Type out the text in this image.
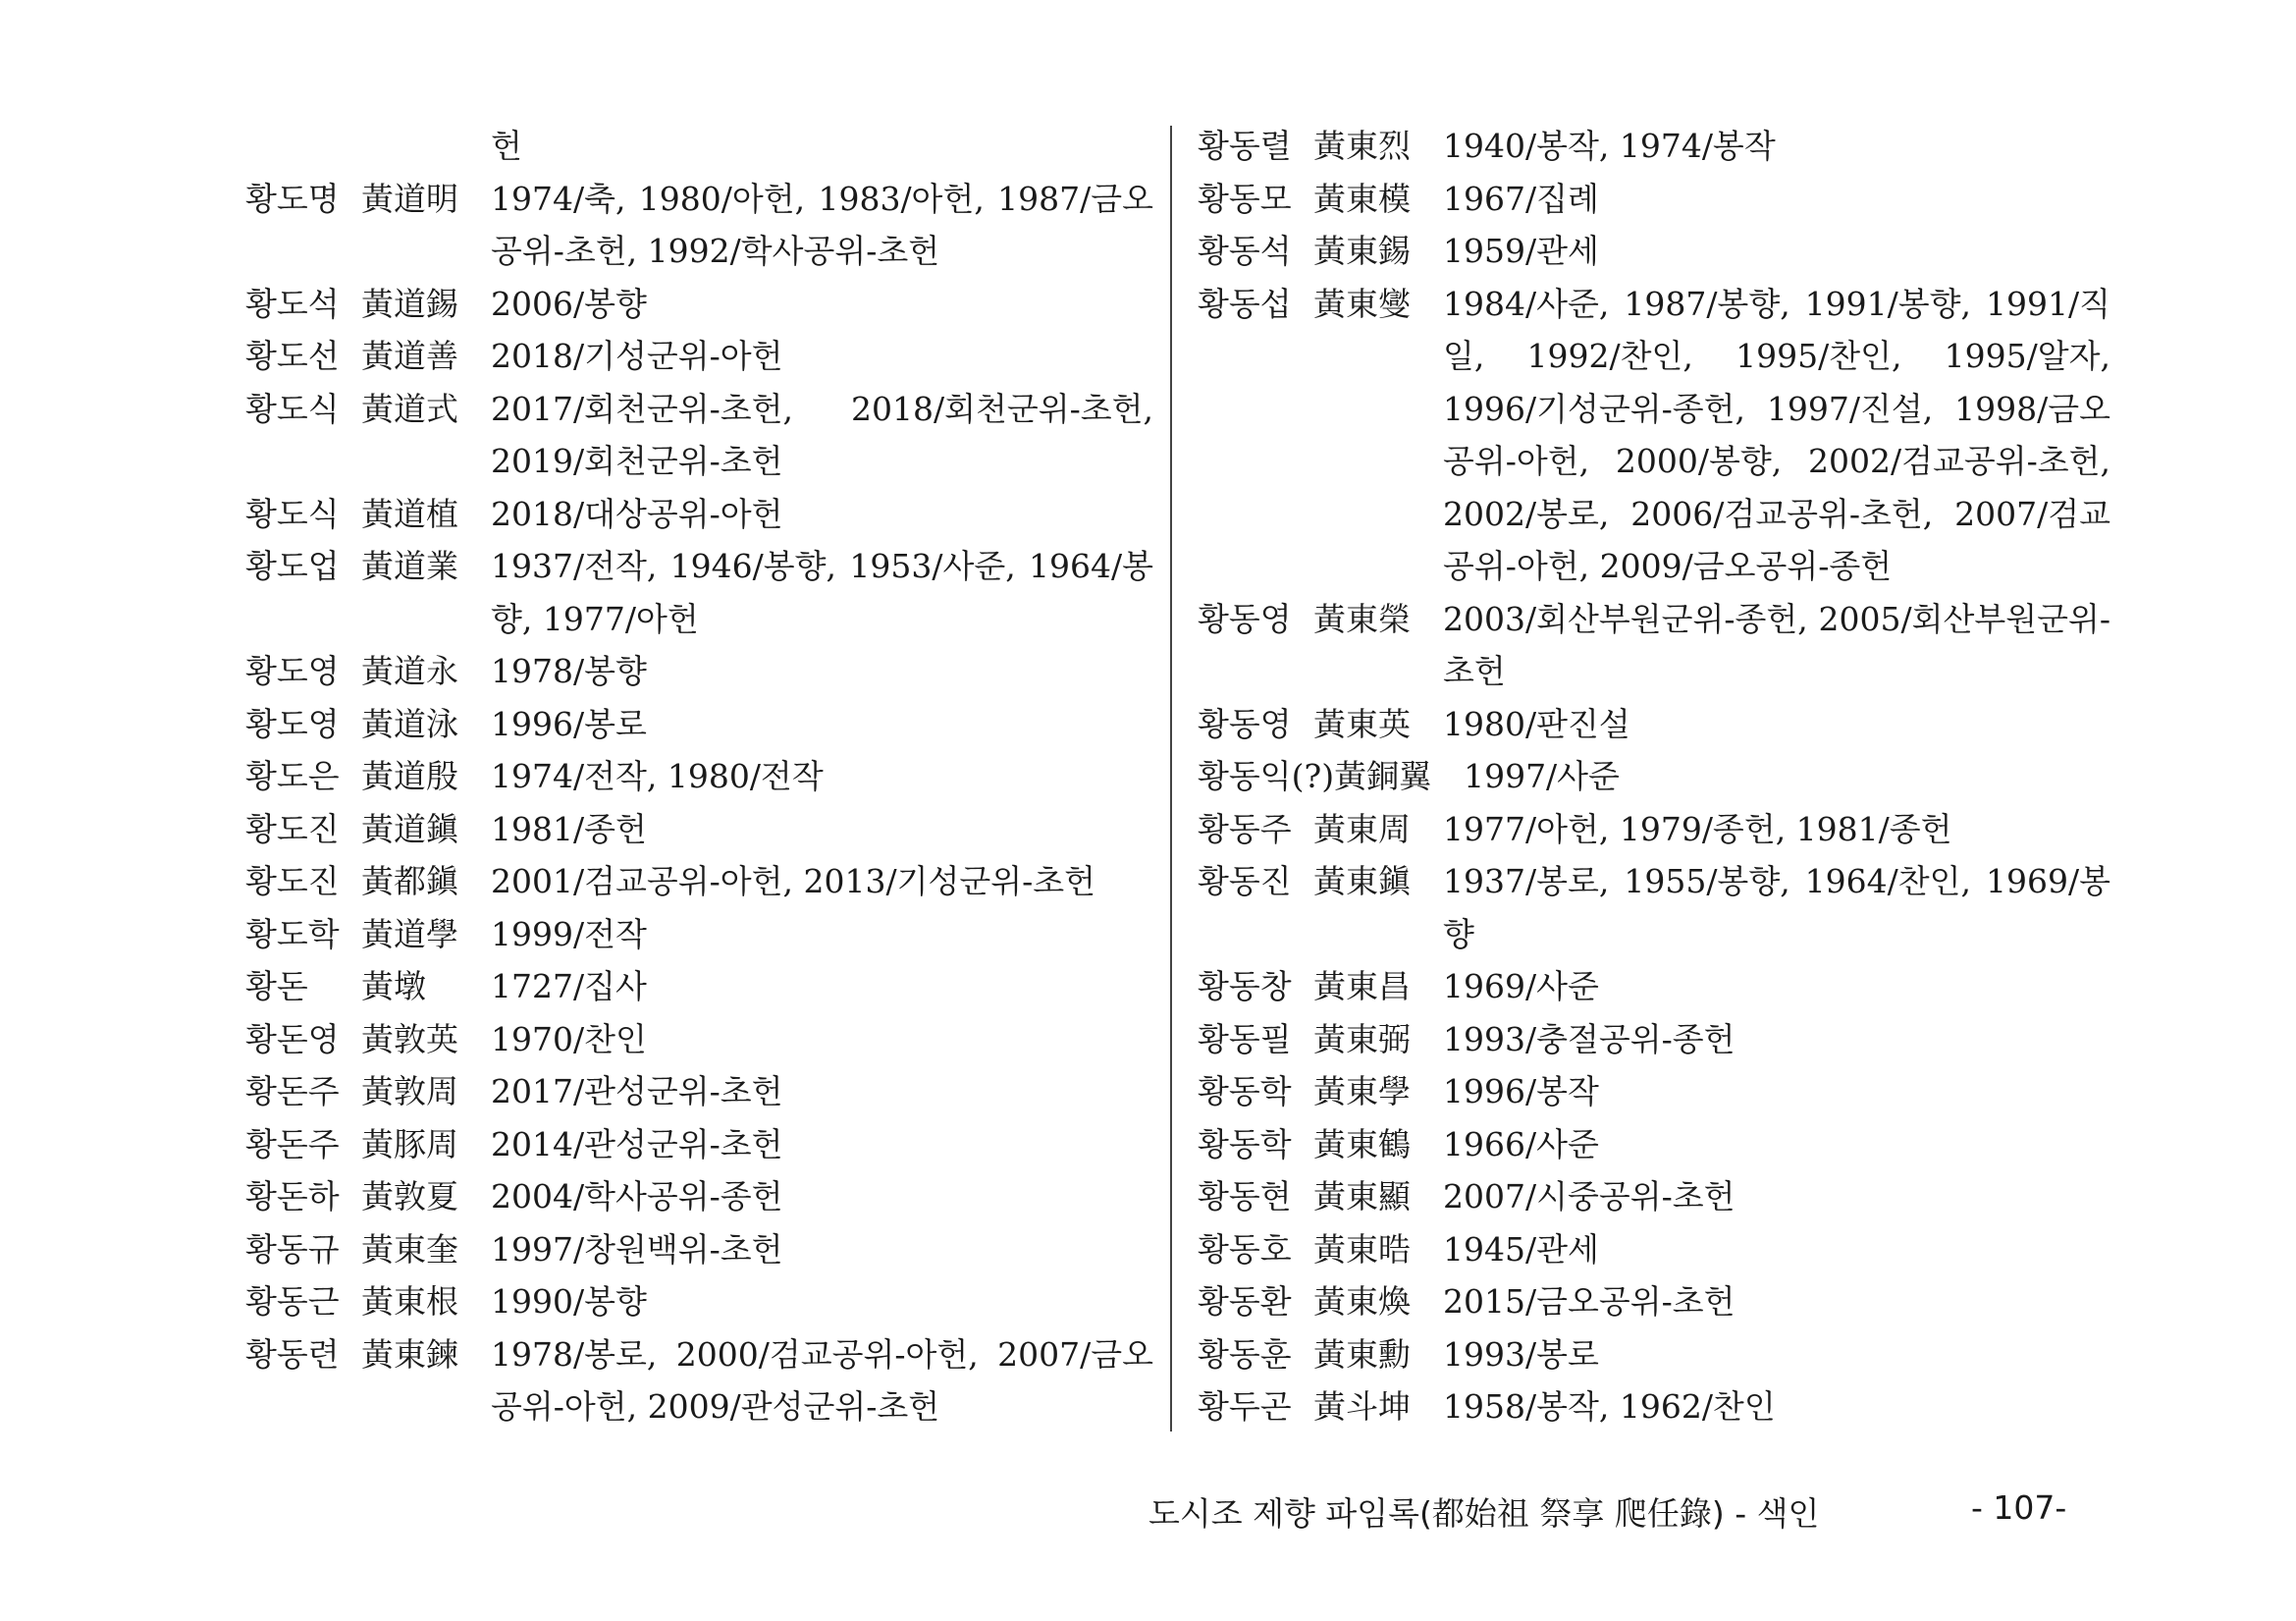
헌
황도명 黃道明	1974/축, 1980/아헌, 1983/아헌, 1987/금오공위-초헌, 1992/학사공위-초헌
황도석 黃道錫	2006/봉향
황도선 黃道善	2018/기성군위-아헌
황도식 黃道式	2017/회천군위-초헌, 2018/회천군위-초헌, 2019/회천군위-초헌
황도식 黃道植	2018/대상공위-아헌
황도업 黃道業	1937/전작, 1946/봉향, 1953/사준, 1964/봉향, 1977/아헌
황도영 黃道永	1978/봉향
황도영 黃道泳	1996/봉로
황도은 黃道殷	1974/전작, 1980/전작
황도진 黃道鎭	1981/종헌
황도진 黃都鎭	2001/검교공위-아헌, 2013/기성군위-초헌
황도학 黃道學	1999/전작
황돈	黃墩	1727/집사
황돈영 黃敦英	1970/찬인
황돈주 黃敦周	2017/관성군위-초헌
황돈주 黃豚周	2014/관성군위-초헌
황돈하 黃敦夏	2004/학사공위-종헌
황동규 黃東奎	1997/창원백위-초헌
황동근 黃東根	1990/봉향
황동련 黃東鍊	1978/봉로, 2000/검교공위-아헌, 2007/금오공위-아헌, 2009/관성군위-초헌
황동렬 黃東烈	1940/봉작, 1974/봉작
황동모 黃東模	1967/집례
황동석 黃東錫	1959/관세
황동섭 黃東燮	1984/사준, 1987/봉향, 1991/봉향, 1991/직일, 1992/찬인, 1995/찬인, 1995/알자, 1996/기성군위-종헌, 1997/진설, 1998/금오공위-아헌, 2000/봉향, 2002/검교공위-초헌, 2002/봉로, 2006/검교공위-초헌, 2007/검교공위-아헌, 2009/금오공위-종헌
황동영 黃東榮	2003/회산부원군위-종헌, 2005/회산부원군위-초헌
황동영 黃東英	1980/판진설
황동익(?) 黃銅翼	1997/사준
황동주 黃東周	1977/아헌, 1979/종헌, 1981/종헌
황동진 黃東鎭	1937/봉로, 1955/봉향, 1964/찬인, 1969/봉향
황동창 黃東昌	1969/사준
황동필 黃東弼	1993/충절공위-종헌
황동학 黃東學	1996/봉작
황동학 黃東鶴	1966/사준
황동현 黃東顯	2007/시중공위-초헌
황동호 黃東晧	1945/관세
황동환 黃東煥	2015/금오공위-초헌
황동훈 黃東勳	1993/봉로
황두곤 黃斗坤	1958/봉작, 1962/찬인
도시조 제향 파임록(都始祖 祭享 爬任錄) - 색인	- 107-
